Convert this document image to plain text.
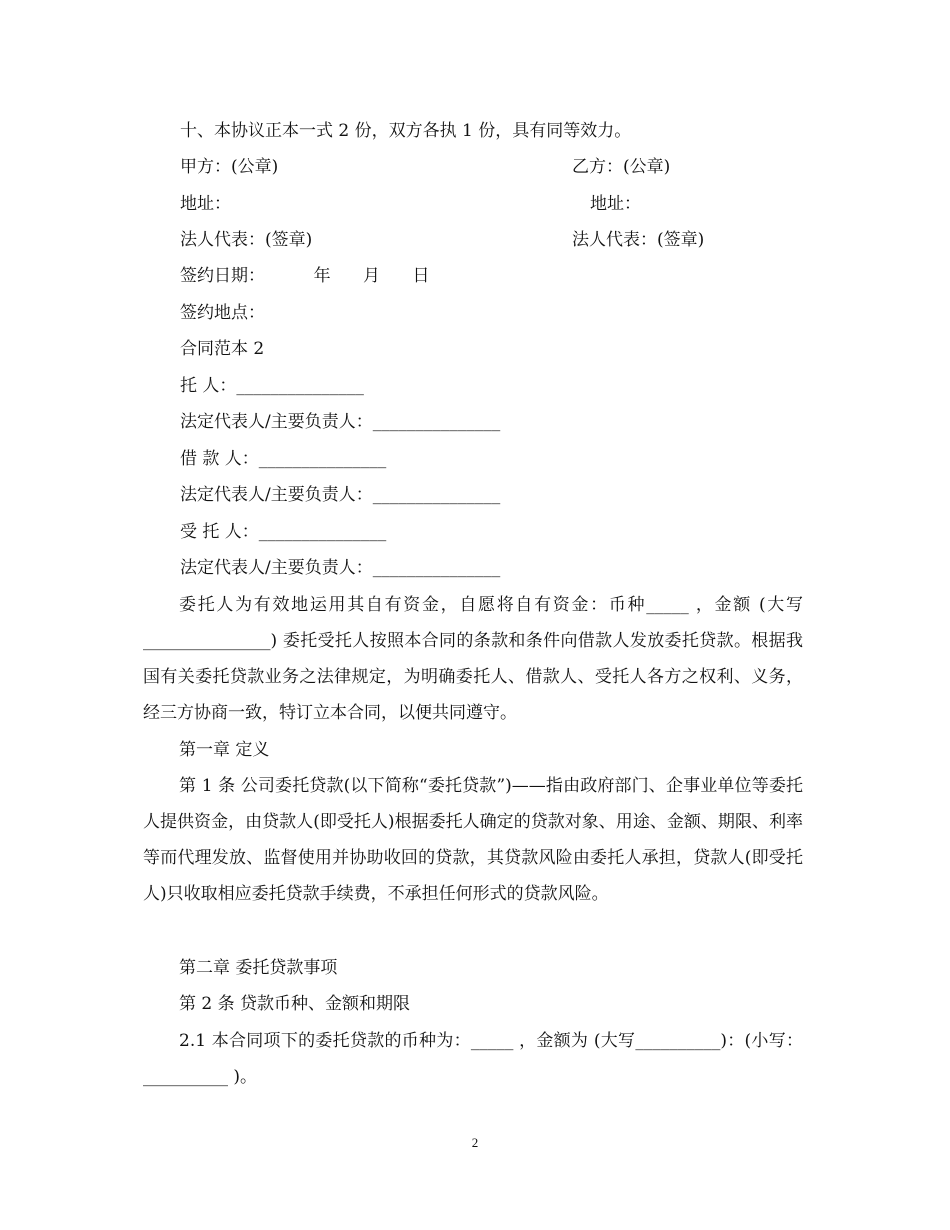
十、本协议正本一式 2 份，双方各执 1 份，具有同等效力。
甲方：(公章)	乙方：(公章)
地址：	地址：
法人代表：(签章)	法人代表：(签章)
签约日期：         年      月      日
签约地点：
合同范本 2
托 人：_______________
法定代表人/主要负责人：_______________
借 款 人：_______________
法定代表人/主要负责人：_______________
受 托 人：_______________
法定代表人/主要负责人：_______________
委托人为有效地运用其自有资金，自愿将自有资金：币种_____ ，金额 (大写 _______________) 委托受托人按照本合同的条款和条件向借款人发放委托贷款。根据我国有关委托贷款业务之法律规定，为明确委托人、借款人、受托人各方之权利、义务，经三方协商一致，特订立本合同，以便共同遵守。
第一章 定义
第 1 条 公司委托贷款(以下简称“委托贷款”)——指由政府部门、企事业单位等委托人提供资金，由贷款人(即受托人)根据委托人确定的贷款对象、用途、金额、期限、利率等而代理发放、监督使用并协助收回的贷款，其贷款风险由委托人承担，贷款人(即受托人)只收取相应委托贷款手续费，不承担任何形式的贷款风险。
第二章 委托贷款事项
第 2 条 贷款币种、金额和期限
2.1 本合同项下的委托贷款的币种为：_____ ，金额为 (大写__________)：(小写：__________ )。
2
